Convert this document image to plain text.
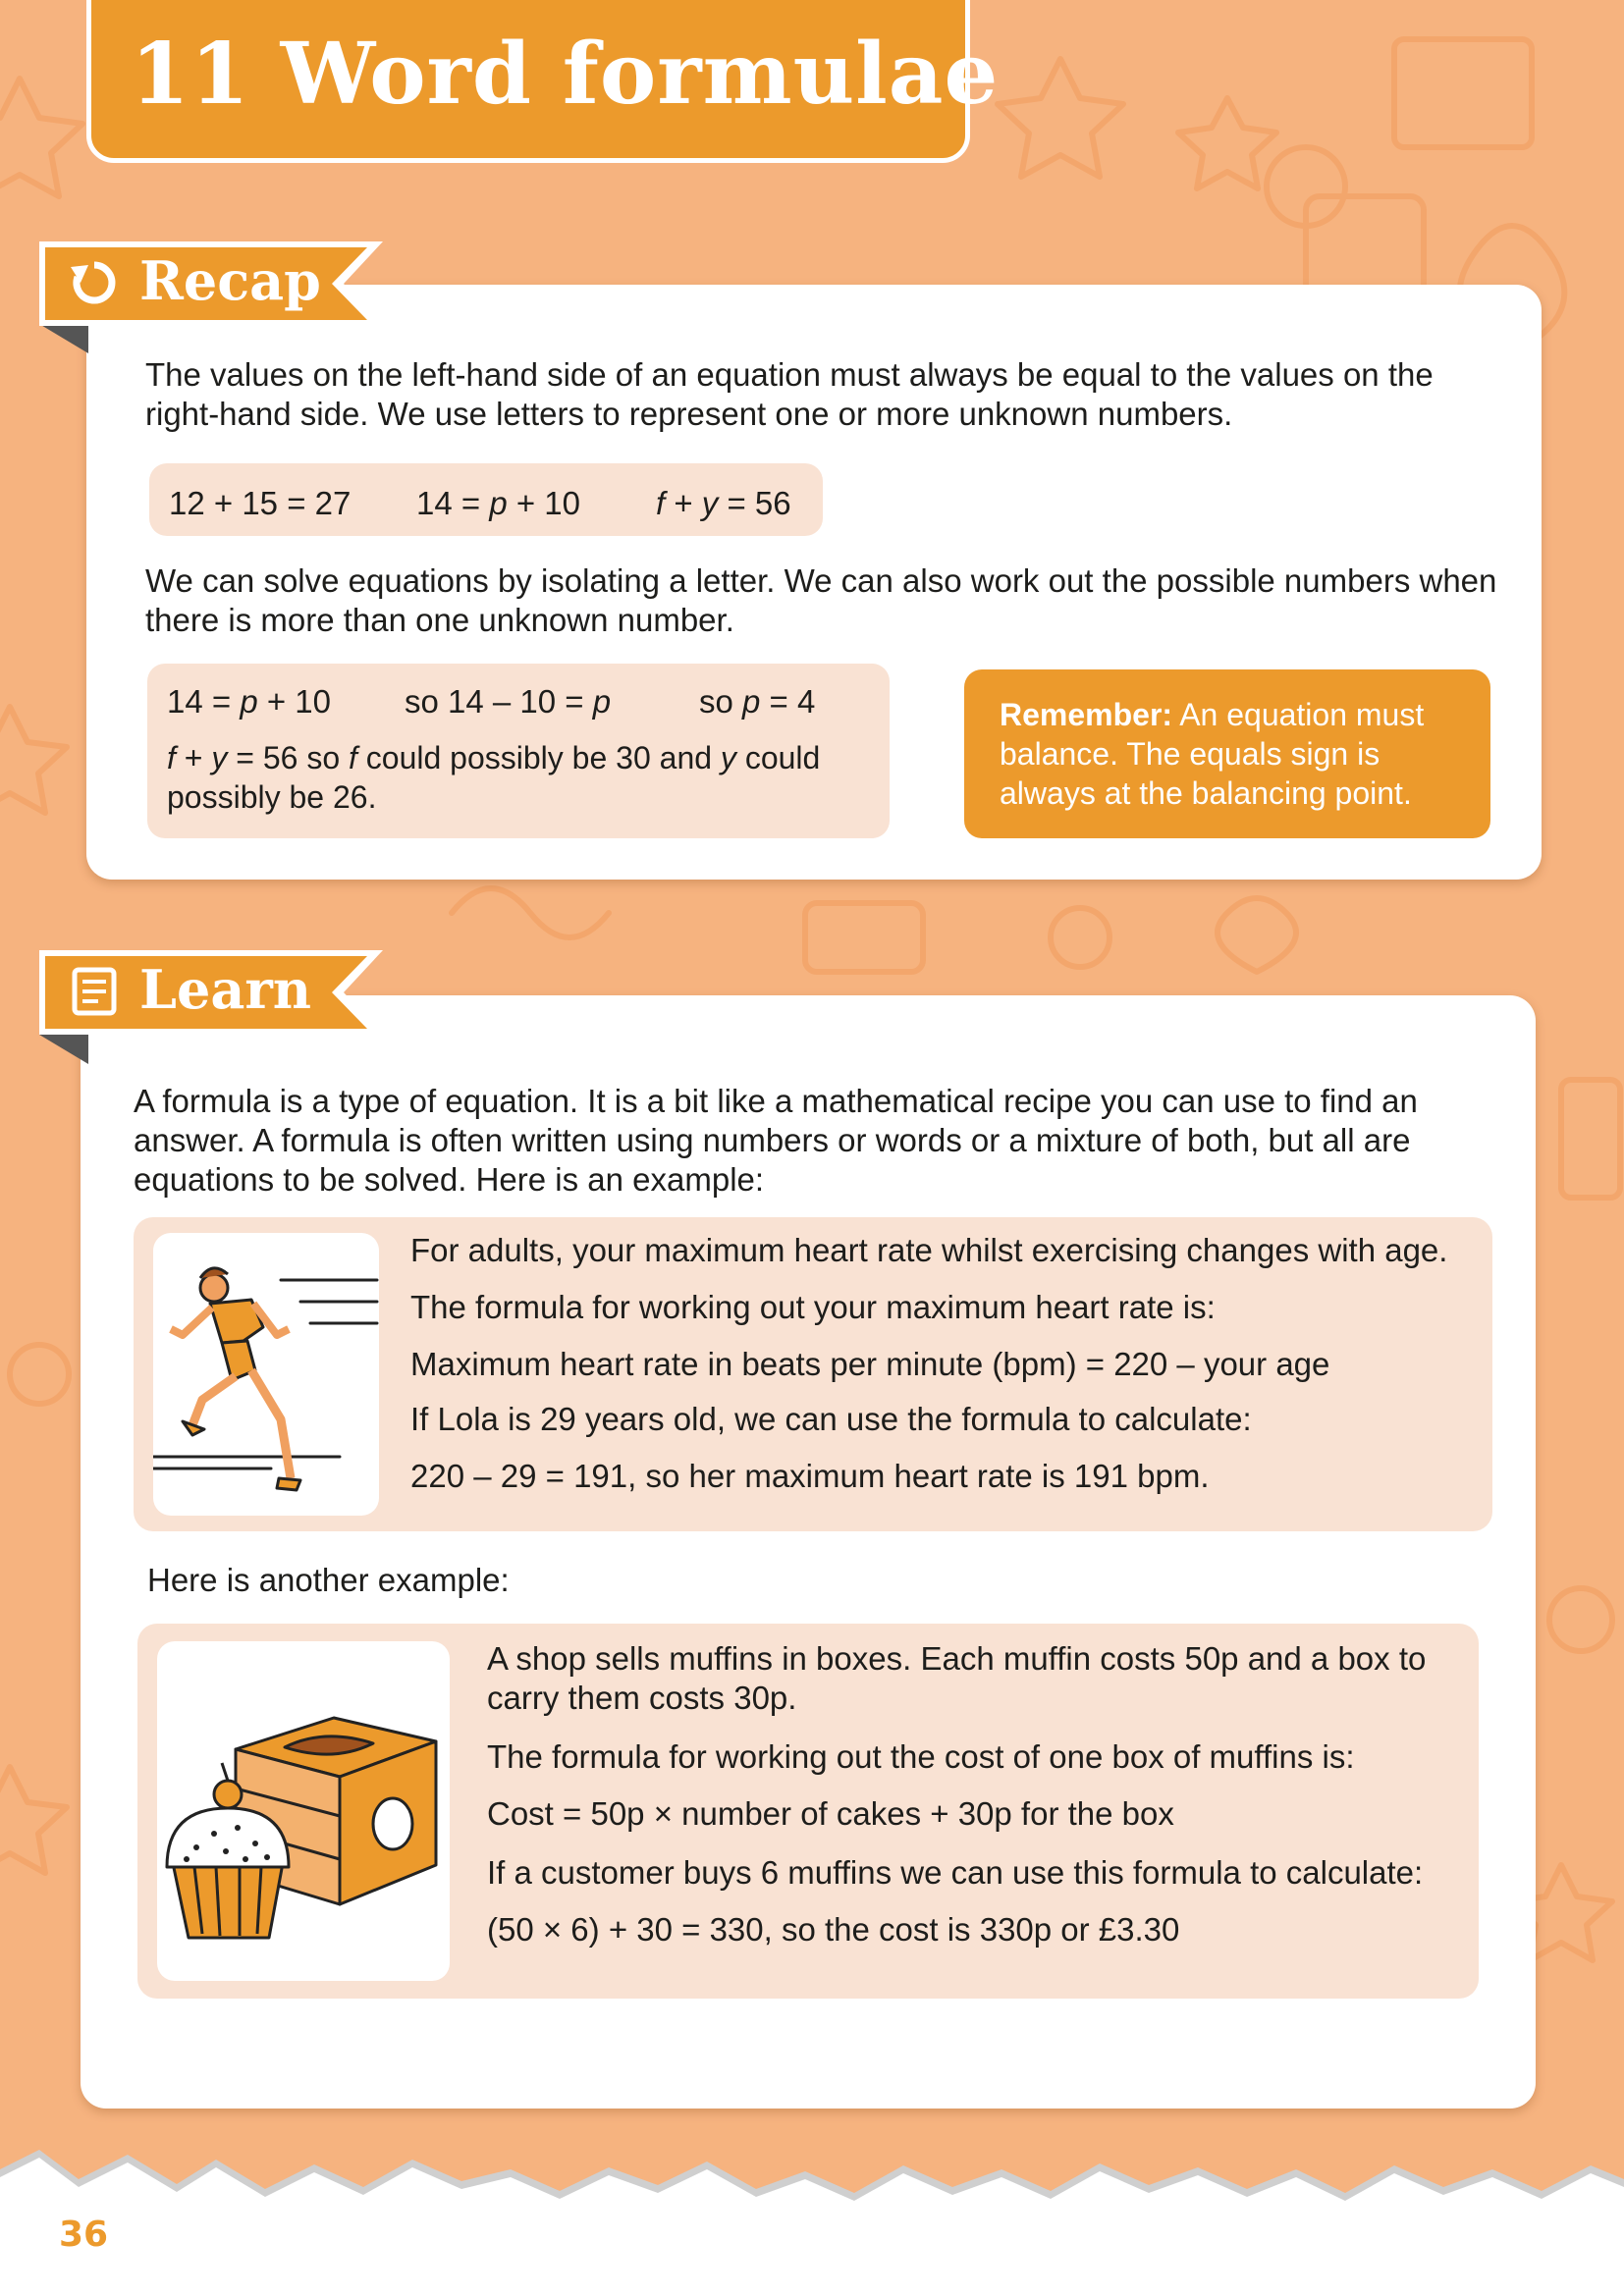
11 Word formulae
Recap
The values on the left-hand side of an equation must always be equal to the values on the right-hand side. We use letters to represent one or more unknown numbers.
12 + 15 = 27 14 = p + 10 f + y = 56
We can solve equations by isolating a letter. We can also work out the possible numbers when there is more than one unknown number.
14 = p + 10 so 14 – 10 = p	so p = 4
f + y = 56 so f could possibly be 30 and y could possibly be 26.
Remember: An equation must balance. The equals sign is always at the balancing point.
Learn
A formula is a type of equation. It is a bit like a mathematical recipe you can use to find an answer. A formula is often written using numbers or words or a mixture of both, but all are equations to be solved. Here is an example:
For adults, your maximum heart rate whilst exercising changes with age.
The formula for working out your maximum heart rate is:
Maximum heart rate in beats per minute (bpm) = 220 – your age
If Lola is 29 years old, we can use the formula to calculate:
220 – 29 = 191, so her maximum heart rate is 191 bpm.
Here is another example:
A shop sells muffins in boxes. Each muffin costs 50p and a box to carry them costs 30p.
The formula for working out the cost of one box of muffins is:
Cost = 50p × number of cakes + 30p for the box
If a customer buys 6 muffins we can use this formula to calculate:
(50 × 6) + 30 = 330, so the cost is 330p or £3.30
36
